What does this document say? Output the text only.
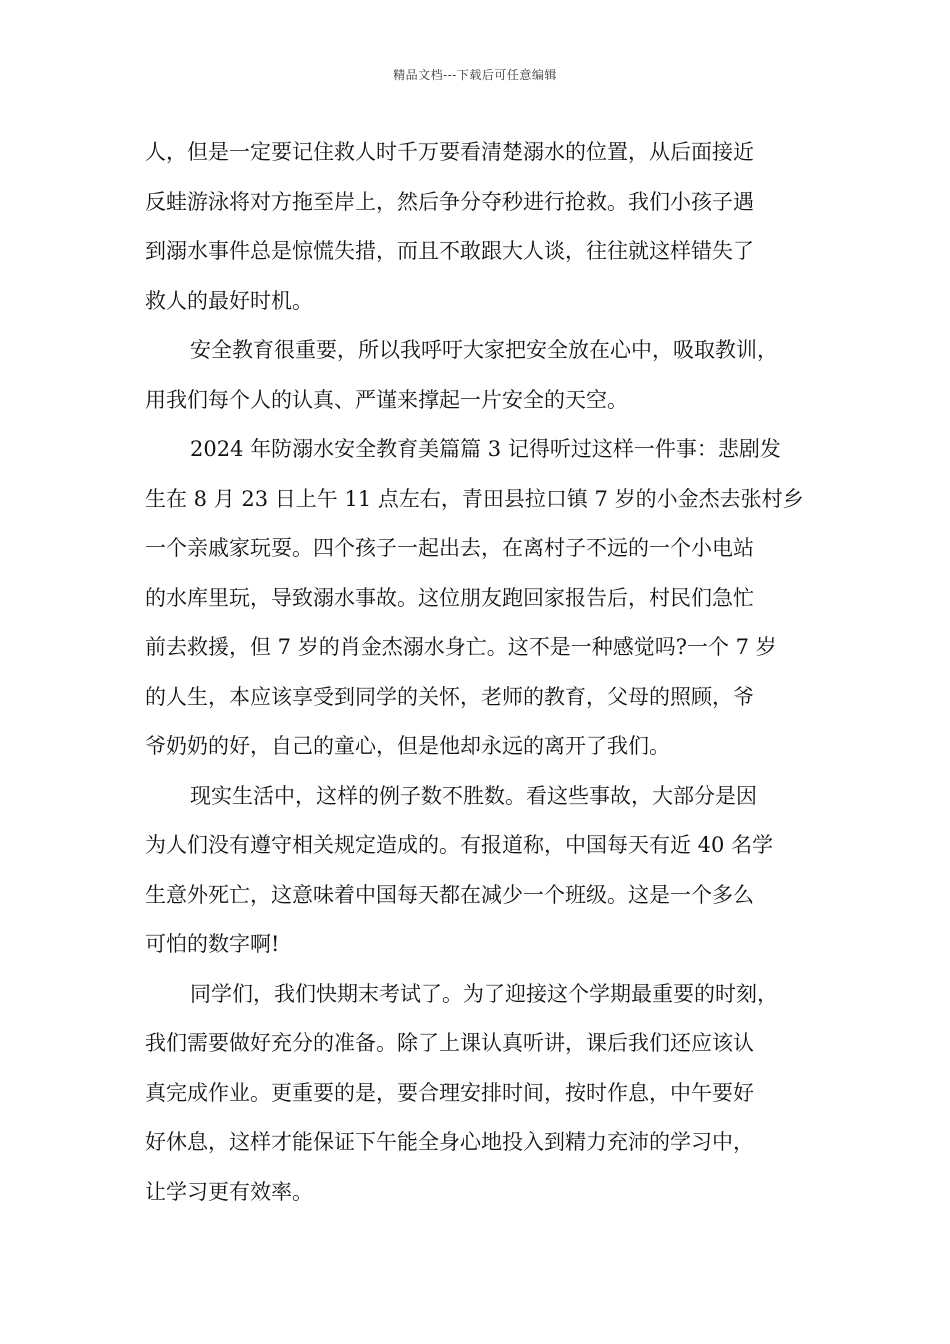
精品文档---下载后可任意编辑
人，但是一定要记住救人时千万要看清楚溺水的位置，从后面接近
反蛙游泳将对方拖至岸上，然后争分夺秒进行抢救。我们小孩子遇
到溺水事件总是惊慌失措，而且不敢跟大人谈，往往就这样错失了
救人的最好时机。
安全教育很重要，所以我呼吁大家把安全放在心中，吸取教训，
用我们每个人的认真、严谨来撑起一片安全的天空。
2024 年防溺水安全教育美篇篇 3 记得听过这样一件事：悲剧发
生在 8 月 23 日上午 11 点左右，青田县拉口镇 7 岁的小金杰去张村乡
一个亲戚家玩耍。四个孩子一起出去，在离村子不远的一个小电站
的水库里玩，导致溺水事故。这位朋友跑回家报告后，村民们急忙
前去救援，但 7 岁的肖金杰溺水身亡。这不是一种感觉吗?一个 7 岁
的人生，本应该享受到同学的关怀，老师的教育，父母的照顾，爷
爷奶奶的好，自己的童心，但是他却永远的离开了我们。
现实生活中，这样的例子数不胜数。看这些事故，大部分是因
为人们没有遵守相关规定造成的。有报道称，中国每天有近 40 名学
生意外死亡，这意味着中国每天都在减少一个班级。这是一个多么
可怕的数字啊!
同学们，我们快期末考试了。为了迎接这个学期最重要的时刻，
我们需要做好充分的准备。除了上课认真听讲，课后我们还应该认
真完成作业。更重要的是，要合理安排时间，按时作息，中午要好
好休息，这样才能保证下午能全身心地投入到精力充沛的学习中，
让学习更有效率。
